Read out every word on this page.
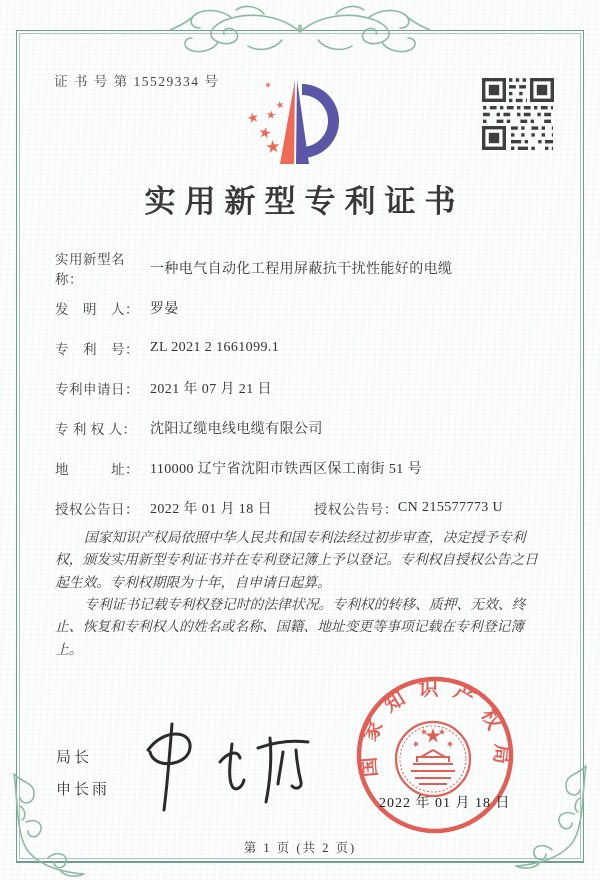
证 书 号 第 15529334 号
实用新型专利证书
实用新型名称：
一种电气自动化工程用屏蔽抗干扰性能好的电缆
发　明　人： 罗晏
专　利　号： ZL 2021 2 1661099.1
专利申请日： 2021 年 07 月 21 日
专 利 权 人： 沈阳辽缆电线电缆有限公司
地　　　址： 110000 辽宁省沈阳市铁西区保工南街 51 号
授权公告日： 2022 年 01 月 18 日	授权公告号： CN 215577773 U

国家知识产权局依照中华人民共和国专利法经过初步审查，决定授予专利权，颁发实用新型专利证书并在专利登记簿上予以登记。专利权自授权公告之日起生效。专利权期限为十年，自申请日起算。

专利证书记载专利权登记时的法律状况。专利权的转移、质押、无效、终止、恢复和专利权人的姓名或名称、国籍、地址变更等事项记载在专利登记簿上。

局长
申长雨
国家知识产权局
2022 年 01 月 18 日
第 1 页 (共 2 页)
